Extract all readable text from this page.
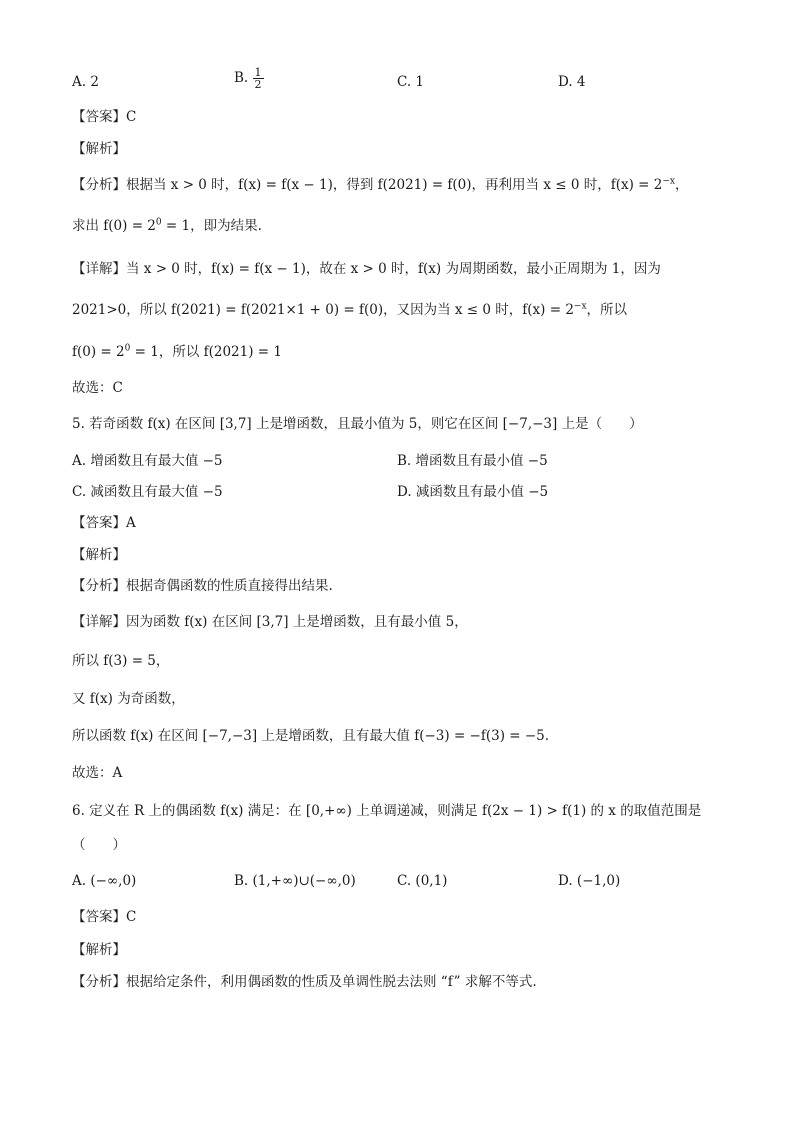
A. 2	B. $\frac{1}{2}$	C. 1	D. 4
【答案】C
【解析】
【分析】根据当 x > 0 时，f(x) = f(x − 1)，得到 f(2021) = f(0)，再利用当 x ≤ 0 时，$f(x) = 2^{-x}$，
求出 $f(0) = 2^0 = 1$，即为结果.
【详解】当 x > 0 时，f(x) = f(x − 1)，故在 x > 0 时，f(x) 为周期函数，最小正周期为 1，因为
2021>0，所以 f(2021) = f(2021×1 + 0) = f(0)，又因为当 x ≤ 0 时，$f(x) = 2^{-x}$，所以
$f(0) = 2^0 = 1$，所以 f(2021) = 1
故选：C
5. 若奇函数 f(x) 在区间 [3,7] 上是增函数，且最小值为 5，则它在区间 [−7,−3] 上是（　　）
A. 增函数且有最大值 −5	B. 增函数且有最小值 −5
C. 减函数且有最大值 −5	D. 减函数且有最小值 −5
【答案】A
【解析】
【分析】根据奇偶函数的性质直接得出结果.
【详解】因为函数 f(x) 在区间 [3,7] 上是增函数，且有最小值 5，
所以 f(3) = 5，
又 f(x) 为奇函数，
所以函数 f(x) 在区间 [−7,−3] 上是增函数，且有最大值 f(−3) = −f(3) = −5.
故选：A
6. 定义在 R 上的偶函数 f(x) 满足：在 [0,+∞) 上单调递减，则满足 f(2x − 1) > f(1) 的 x 的取值范围是
（　　）
A. (−∞,0)	B. (1,+∞)∪(−∞,0)	C. (0,1)	D. (−1,0)
【答案】C
【解析】
【分析】根据给定条件，利用偶函数的性质及单调性脱去法则 “f” 求解不等式.
